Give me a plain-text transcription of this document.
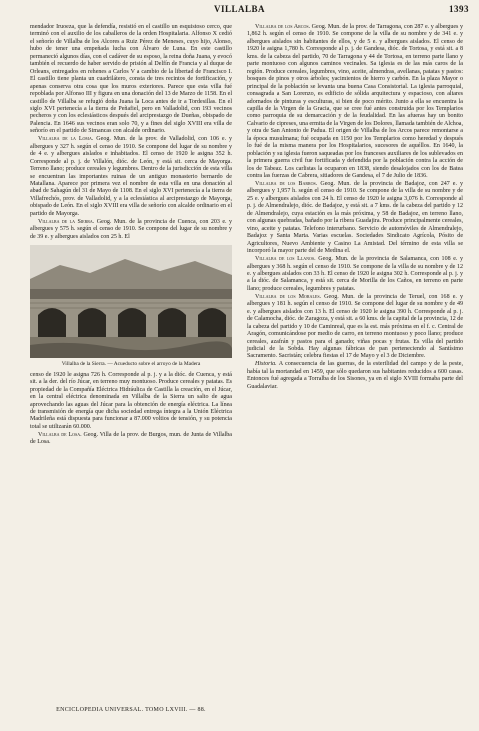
VILLALBA	1393

mendador Iruoeza, que la defendía, resistió en el castillo un esquistoso cerco, que terminó con el auxilio de los caballeros de la orden Hospitalaria. Alfonso X cedió el señorío de Villalba de los Alcores a Ruiz Pérez de Meneses, cuyo hijo, Alonso, hubo de tener una empeñada lucha con Álvaro de Luna. En este castillo permaneció algunos días, con el cadáver de su esposo, la reina doña Juana, y evocó también el recuerdo de haber servido de prisión al Delfín de Francia y al duque de Orleans, entregados en rehenes a Carlos V a cambio de la libertad de Francisco I. El castillo tiene planta un cuadrilátero, consta de tres recintos de fortificación, y apenas conserva otra cosa que los muros exteriores. Parece que esta villa fué repoblada por Alfonso III y figura en una donación del 13 de Marzo de 1158. En el castillo de Villalba se refugió doña Juana la Loca antes de ir a Tordesillas. En el siglo XVI pertenecía a la tierra de Peñafiel, pero en Valladolid, con 193 vecinos pecheros y con los eclesiásticos después del arciprestazgo de Dueñas, obispado de Palencia. En 1646 sus vecinos eran solo 70, y a fines del siglo XVIII era villa de señorío en el partido de Simancas con alcalde ordinario.

Villalba de la Loma. Geog. Mun. de la prov. de Valladolid, con 106 e. y albergues y 327 h. según el censo de 1910. Se compone del lugar de su nombre y de 4 e. y albergues aislados e inhabitados. El censo de 1920 le asigna 352 h. Corresponde al p. j. de Villalón, dióc. de León, y está sit. cerca de Mayorga. Terreno llano; produce cereales y legumbres. Dentro de la jurisdicción de esta villa se encuentran las importantes ruinas de un antiguo monasterio bernardo de Matallana. Aparece por primera vez el nombre de esta villa en una donación al abad de Sahagún del 31 de Mayo de 1108. En el siglo XVI pertenecía a la tierra de Villafrechós, prov. de Valladolid, y a la eclesiástica al arciprestazgo de Mayorga, obispado de León. En el siglo XVIII era villa de señorío con alcalde ordinario en el partido de Mayorga.

Villalba de la Sierra. Geog. Mun. de la provincia de Cuenca, con 203 e. y albergues y 575 h. según el censo de 1910. Se compone del lugar de su nombre y de 39 e. y albergues aislados con 25 h. El

Villalba de la Sierra. — Acueducto sobre el arroyo de la Madera

censo de 1920 le asigna 726 h. Corresponde al p. j. y a la dióc. de Cuenca, y está sit. a la der. del río Júcar, en terreno muy montuoso. Produce cereales y patatas. Es propiedad de la Compañía Eléctrica Hidráulica de Castilla la creación, en el Júcar, en la central eléctrica denominada en Villalba de la Sierra un salto de agua aprovechando las aguas del Júcar para la obtención de energía eléctrica. La línea de transmisión de energía que dicha sociedad entrega íntegra a la Unión Eléctrica Madrileña está dispuesta para funcionar a 87.000 voltios de tensión, y su potencia total se utilizarán 60.000.

Villalba de Losa. Geog. Villa de la prov. de Burgos, mun. de Junta de Villalba de Losa.

Villalba de los Arcos. Geog. Mun. de la prov. de Tarragona, con 287 e. y albergues y 1,862 h. según el censo de 1910. Se compone de la villa de su nombre y de 341 e. y albergues aislados sin habitantes de ellos, y de 5 e. y albergues aislados. El censo de 1920 le asigna 1,780 h. Corresponde al p. j. de Gandesa, dióc. de Tortosa, y está sit. a 8 kms. de la cabeza del partido, 70 de Tarragona y 44 de Tortosa, en terreno parte llano y parte montuoso con algunos caminos vecinales. Sa iglesia es de las más caros de la región. Produce cereales, legumbres, vino, aceite, almendras, avellanas, patatas y pastos: bosques de pinos y otros árboles; yacimientos de hierro y carbón. En la plaza Mayor o principal de la población se levanta una buena Casa Consistorial. La iglesia parroquial, consagrada a San Lorenzo, es edificio de sólida arquitectura y espacioso, con altares adornados de pinturas y esculturas, si bien de poco mérito. Junto a ella se encuentra la capilla de la Virgen de la Gracia, que se cree fué antes construida por los Templarios como parroquia de su demarcación y de la feudalidad. En las afueras hay un bonito Calvario de cipreses, una ermita de la Virgen de los Dolores, llamada también de Alchoa, y otra de San Antonio de Padua. El origen de Villalba de los Arcos parece remontarse a la época musulmana; fué ocupada en 1150 por los Templarios como heredad y después lo fué de la misma manera por los Hospitalarios, sucesores de aquéllos. En 1640, la población y su iglesia fueron saqueadas por los franceses auxiliares de los sublevados en la primera guerra civil fue fortificada y defendida por la población contra la acción de los de Tabeaz. Los carlistas la ocuparon en 1838, siendo desalojados con los de Batea contra las fuerzas de Cabrera, sitiadores de Gandesa, el 7 de Julio de 1836.

Villalba de los Barros. Geog. Mun. de la provincia de Badajoz, con 247 e. y albergues y 1,957 h. según el censo de 1910. Se compone de la villa de su nombre y de 25 e. y albergues aislados con 24 h. El censo de 1920 le asigna 3,076 h. Corresponde al p. j. de Almendralejo, dióc. de Badajoz, y está sit. a 7 kms. de la cabeza del partido y 12 de Almendralejo, cuya estación es la más próxima, y 58 de Badajoz, en terreno llano, con algunas quebradas, bañado por la ribera Guadajira. Produce principalmente cereales, vino, aceite y patatas. Telefono interurbano. Servicio de automóviles de Almendralejo, Badajoz y Santa Marta. Varias escuelas. Sociedades Sindicato Agrícola, Pósito de Agricultores, Nuevo Ambiente y Casino La Amistad. Del término de esta villa se incorporó la mayor parte del de Medina el.

Villalba de los Llanos. Geog. Mun. de la provincia de Salamanca, con 108 e. y albergues y 368 h. según el censo de 1910. Se compone de la villa de su nombre y de 12 e. y albergues aislados con 33 h. El censo de 1920 le asigna 302 h. Corresponde al p. j. y a la dióc. de Salamanca, y está sit. cerca de Morilla de los Caños, en terreno en parte llano; produce cereales, legumbres y patatas.

Villalba de los Morales. Geog. Mun. de la provincia de Teruel, con 168 e. y albergues y 181 h. según el censo de 1910. Se compone del lugar de su nombre y de 49 e. y albergues aislados con 13 h. El censo de 1920 le asigna 390 h. Corresponde al p. j. de Calamocha, dióc. de Zaragoza, y está sit. a 60 kms. de la capital de la provincia, 12 de la cabeza del partido y 10 de Caminreal, que es la est. más próxima en el f. c. Central de Aragón, comunicándose por medio de carro, en terreno montuoso y poco llano; produce cereales, azafrán y pastos para el ganado; viñas pocas y frutas. Es villa del partido judicial de la Sobda. Hay algunas fábricas de pan perteneciendo al Santísimo Sacramento. Sacristán; celebra fiestas el 17 de Mayo y el 3 de Diciembre.

Historia. A consecuencia de las guerras, de la esterilidad del campo y de la peste, había tal la mortandad en 1459, que sólo quedaron sus habitantes reducidos a 600 casas. Entonces fué agregada a Torralba de los Sisones, ya en el siglo XVIII formaba parte del Guadalaviar.

ENCICLOPEDIA UNIVERSAL. TOMO LXVIII. — 88.
